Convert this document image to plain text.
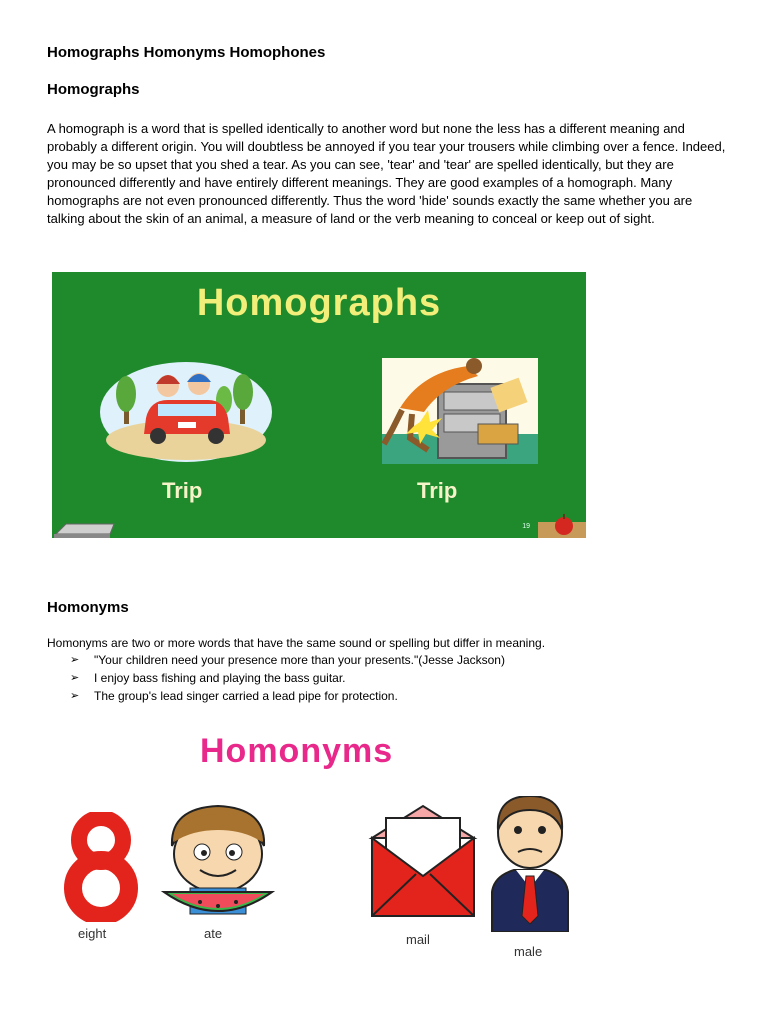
Homographs Homonyms Homophones
Homographs

A homograph is a word that is spelled identically to another word but none the less has a different meaning and probably a different origin. You will doubtless be annoyed if you tear your trousers while climbing over a fence. Indeed, you may be so upset that you shed a tear. As you can see, 'tear' and 'tear' are spelled identically, but they are pronounced differently and have entirely different meanings. They are good examples of a homograph. Many homographs are not even pronounced differently. Thus the word 'hide' sounds exactly the same whether you are talking about the skin of an animal, a measure of land or the verb meaning to conceal or keep out of sight.

Homographs
Trip	Trip
19
Homonyms

Homonyms are two or more words that have the same sound or spelling but differ in meaning.

➢	"Your children need your presence more than your presents."(Jesse Jackson)
➢	I enjoy bass fishing and playing the bass guitar.
➢	The group's lead singer carried a lead pipe for protection.
Homonyms
eight	ate	mail
male
